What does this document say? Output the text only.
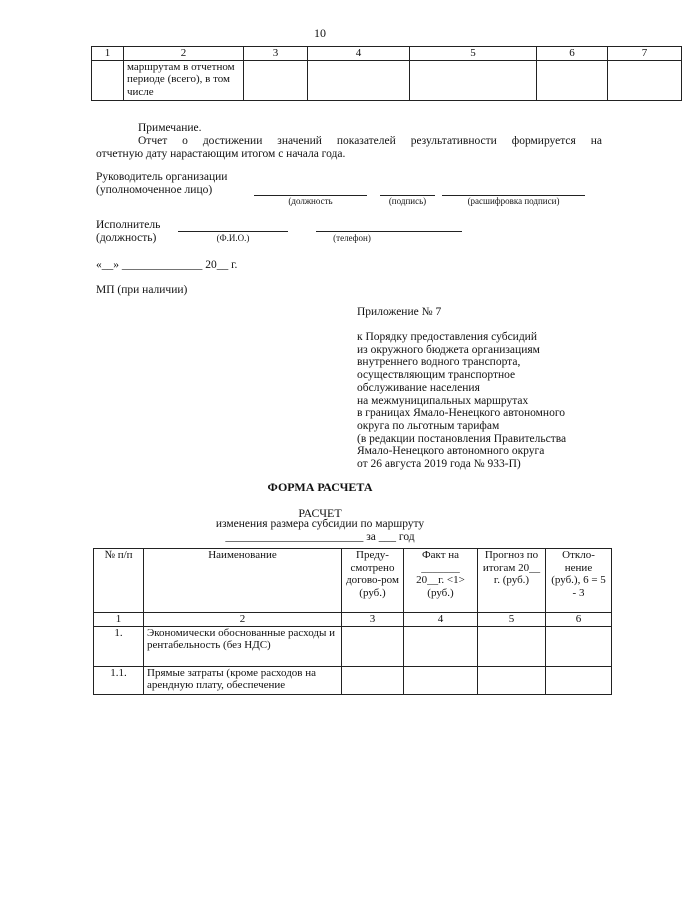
10
1	2	3	4	5	6	7
	маршрутам в отчетном периоде (всего), в том числе					
Примечание.
Отчет о достижении значений показателей результативности формируется на
отчетную дату нарастающим итогом с начала года.
Руководитель организации
(уполномоченное лицо)
(должность	(подпись)	(расшифровка подписи)
Исполнитель
(должность)	(Ф.И.О.)	(телефон)
«__» ______________ 20__ г.
МП (при наличии)
Приложение № 7
к Порядку предоставления субсидий
из окружного бюджета организациям
внутреннего водного транспорта,
осуществляющим транспортное
обслуживание населения
на межмуниципальных маршрутах
в границах Ямало-Ненецкого автономного
округа по льготным тарифам
(в редакции постановления Правительства
Ямало-Ненецкого автономного округа
от 26 августа 2019 года № 933-П)
ФОРМА РАСЧЕТА
РАСЧЕТ
изменения размера субсидии по маршруту
________________________ за ___ год
№ п/п	Наименование	Преду-смотрено догово-ром (руб.)	Факт на _______ 20__г. <1> (руб.)	Прогноз по итогам 20__ г. (руб.)	Откло-нение (руб.), 6 = 5 - 3
1	2	3	4	5	6
1.	Экономически обоснованные расходы и рентабельность (без НДС)				
1.1.	Прямые затраты (кроме расходов на арендную плату, обеспечение				
